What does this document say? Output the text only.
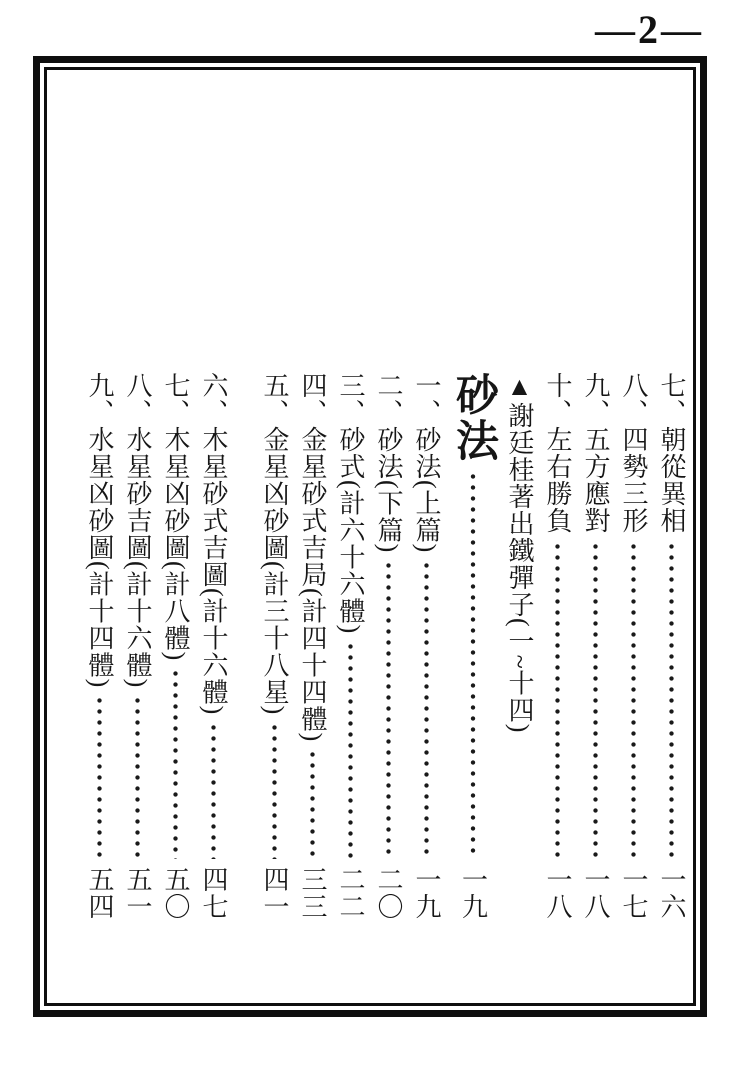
—2—
七、朝從異相
一六
八、四勢三形
一七
九、五方應對
一八
十、左右勝負
一八
▲謝廷桂著出鐵彈子(一~十四)
砂法
一九
一、砂法(上篇)
一九
二、砂法(下篇)
二〇
三、砂式(計六十六體)
二二
四、金星砂式吉局(計四十四體)
三三
五、金星凶砂圖(計三十八星)
四一
六、木星砂式吉圖(計十六體)
四七
七、木星凶砂圖(計八體)
五〇
八、水星砂吉圖(計十六體)
五一
九、水星凶砂圖(計十四體)
五四
